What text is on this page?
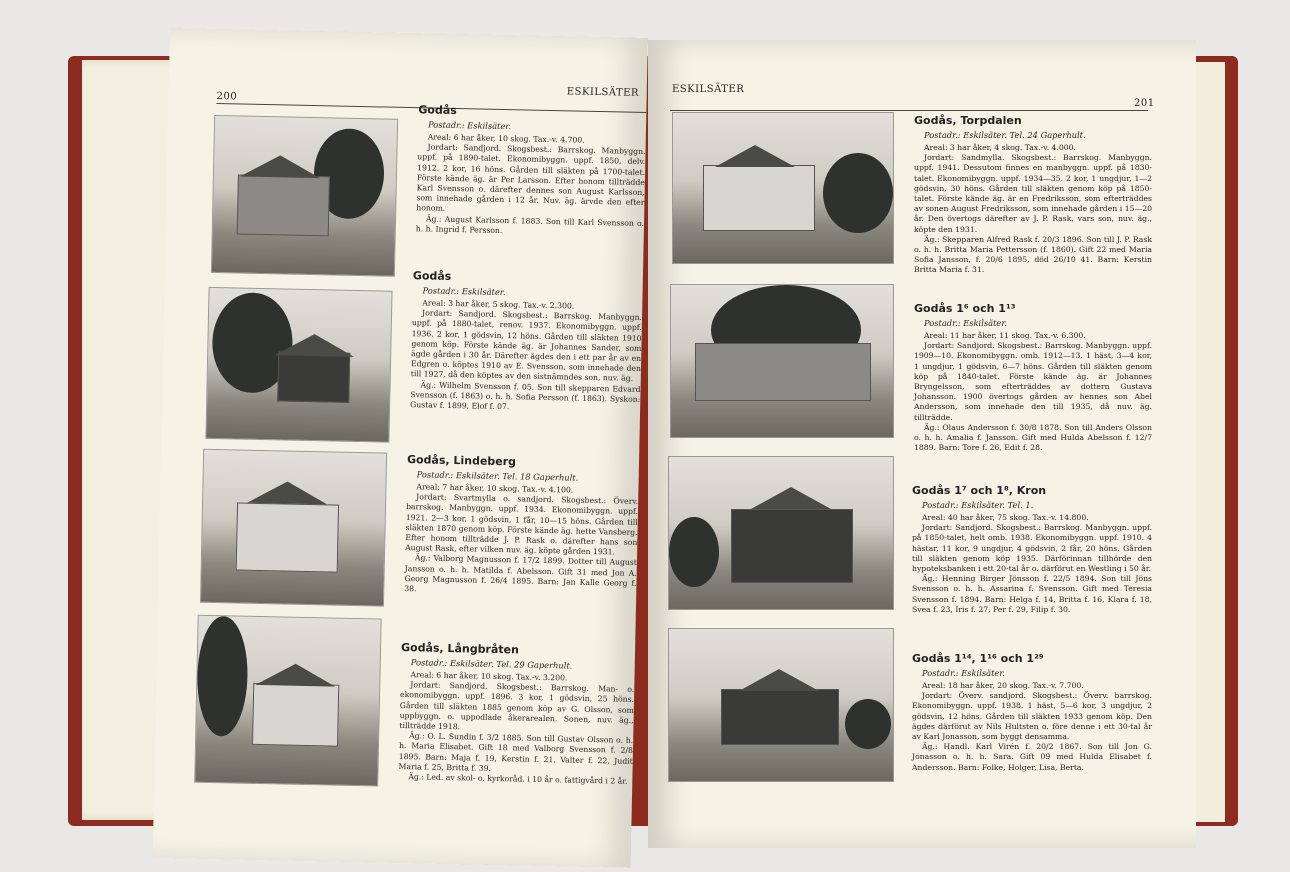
200	ESKILSÄTER
Godås
Postadr.: Eskilsäter.

Areal: 6 har åker, 10 skog. Tax.-v. 4.700.

Jordart: Sandjord. Skogsbest.: Barrskog. Manbyggn. uppf. på 1890-talet. Ekonomibyggn. uppf. 1850, delv. 1912. 2 kor, 16 höns. Gården till släkten på 1700-talet. Förste kände äg. är Per Larsson. Efter honom tillträdde Karl Svensson o. därefter dennes son August Karlsson, som innehade gården i 12 år. Nuv. äg. ärvde den efter honom.

Äg.: August Karlsson f. 1883. Son till Karl Svensson o. h. h. Ingrid f. Persson.

Godås
Postadr.: Eskilsäter.

Areal: 3 har åker, 5 skog. Tax.-v. 2.300.

Jordart: Sandjord. Skogsbest.: Barrskog. Manbyggn. uppf. på 1880-talet, renov. 1937. Ekonomibyggn. uppf. 1936. 2 kor, 1 gödsvin, 12 höns. Gården till släkten 1910 genom köp. Förste kände äg. är Johannes Sander, som ägde gården i 30 år. Därefter ägdes den i ett par år av en Edgren o. köptes 1910 av E. Svensson, som innehade den till 1927, då den köptes av den sistnämndes son, nuv. äg.

Äg.: Wilhelm Svensson f. 05. Son till skepparen Edvard Svensson (f. 1863) o. h. h. Sofia Persson (f. 1863). Syskon: Gustav f. 1899, Elof f. 07.

Godås, Lindeberg
Postadr.: Eskilsäter. Tel. 18 Gaperhult.

Areal: 7 har åker, 10 skog. Tax.-v. 4.100.

Jordart: Svartmylla o. sandjord. Skogsbest.: Överv. barrskog. Manbyggn. uppf. 1934. Ekonomibyggn. uppf. 1921. 2—3 kor, 1 gödsvin, 1 får, 10—15 höns. Gården till släkten 1870 genom köp. Förste kände äg. hette Vansberg. Efter honom tillträdde J. P. Rask o. därefter hans son August Rask, efter vilken nuv. äg. köpte gården 1931.

Äg.: Valborg Magnusson f. 17/2 1899. Dotter till August Jansson o. h. h. Matilda f. Abelsson. Gift 31 med Jon A. Georg Magnusson f. 26/4 1895. Barn: Jan Kalle Georg f. 38.

Godås, Långbråten
Postadr.: Eskilsäter. Tel. 29 Gaperhult.

Areal: 6 har åker, 10 skog. Tax.-v. 3.200.

Jordart: Sandjord. Skogsbest.: Barrskog. Man- o. ekonomibyggn. uppf. 1896. 3 kor, 1 gödsvin, 25 höns. Gården till släkten 1885 genom köp av G. Olsson, som uppbyggn. o. uppodlade åkerarealen. Sonen, nuv. äg., tillträdde 1918.

Äg.: O. L. Sundin f. 3/2 1885. Son till Gustav Olsson o. h. h. Maria Elisabet. Gift 18 med Valborg Svensson f. 2/8 1895. Barn: Maja f. 19, Kerstin f. 21, Valter f. 22, Judit Maria f. 25, Britta f. 39.

Äg.: Led. av skol- o. kyrkoråd. i 10 år o. fattigvård i 2 år.

ESKILSÄTER
201
Godås, Torpdalen
Postadr.: Eskilsäter. Tel. 24 Gaperhult.

Areal: 3 har åker, 4 skog. Tax.-v. 4.000.

Jordart: Sandmylla. Skogsbest.: Barrskog. Manbyggn. uppf. 1941. Dessutom finnes en manbyggn. uppf. på 1830-talet. Ekonomibyggn. uppf. 1934—35. 2 kor, 1 ungdjur, 1—2 gödsvin, 30 höns. Gården till släkten genom köp på 1850-talet. Förste kände äg. är en Fredriksson, som efterträddes av sonen August Fredriksson, som innehade gården i 15—20 år. Den övertogs därefter av J. P. Rask, vars son, nuv. äg., köpte den 1931.

Äg.: Skepparen Alfred Rask f. 20/3 1896. Son till J. P. Rask o. h. h. Britta Maria Pettersson (f. 1860). Gift 22 med Maria Sofia Jansson, f. 20/6 1895, död 26/10 41. Barn: Kerstin Britta Maria f. 31.

Godås 1⁶ och 1¹³
Postadr.: Eskilsäter.

Areal: 11 har åker, 11 skog. Tax.-v. 6.300.

Jordart: Sandjord. Skogsbest.: Barrskog. Manbyggn. uppf. 1909—10. Ekonomibyggn. omb. 1912—13. 1 häst, 3—4 kor, 1 ungdjur, 1 gödsvin, 6—7 höns. Gården till släkten genom köp på 1840-talet. Förste kände äg. är Johannes Bryngelsson, som efterträddes av dottern Gustava Johansson. 1900 övertogs gården av hennes son Abel Andersson, som innehade den till 1935, då nuv. äg. tillträdde.

Äg.: Olaus Andersson f. 30/8 1878. Son till Anders Olsson o. h. h. Amalia f. Jansson. Gift med Hulda Abelsson f. 12/7 1889. Barn: Tore f. 26, Edit f. 28.

Godås 1⁷ och 1⁸, Kron
Postadr.: Eskilsäter. Tel. 1.

Areal: 40 har åker, 75 skog. Tax.-v. 14.800.

Jordart: Sandjord. Skogsbest.: Barrskog. Manbyggn. uppf. på 1850-talet, helt omb. 1938. Ekonomibyggn. uppf. 1910. 4 hästar, 11 kor, 9 ungdjur, 4 gödsvin, 2 får, 20 höns. Gården till släkten genom köp 1935. Därförinnan tillhörde den hypoteksbanken i ett 20-tal år o. därförut en Westling i 50 år.

Äg.: Henning Birger Jönsson f. 22/5 1894. Son till Jöns Svensson o. h. h. Assarina f. Svensson. Gift med Teresia Svensson f. 1894. Barn: Helga f. 14, Britta f. 16, Klara f. 18, Svea f. 23, Iris f. 27, Per f. 29, Filip f. 30.

Godås 1¹⁴, 1¹⁶ och 1²⁹
Postadr.: Eskilsäter.

Areal: 18 har åker, 20 skog. Tax.-v. 7.700.

Jordart: Överv. sandjord. Skogsbest.: Överv. barrskog. Ekonomibyggn. uppf. 1938. 1 häst, 5—6 kor, 3 ungdjur, 2 gödsvin, 12 höns. Gården till släkten 1933 genom köp. Den ägdes därförut av Nils Hultsten o. före denne i ett 30-tal år av Karl Jonasson, som byggt densamma.

Äg.: Handl. Karl Virén f. 20/2 1867. Son till Jon G. Jonasson o. h. h. Sara. Gift 09 med Hulda Elisabet f. Andersson. Barn: Folke, Holger, Lisa, Berta.
